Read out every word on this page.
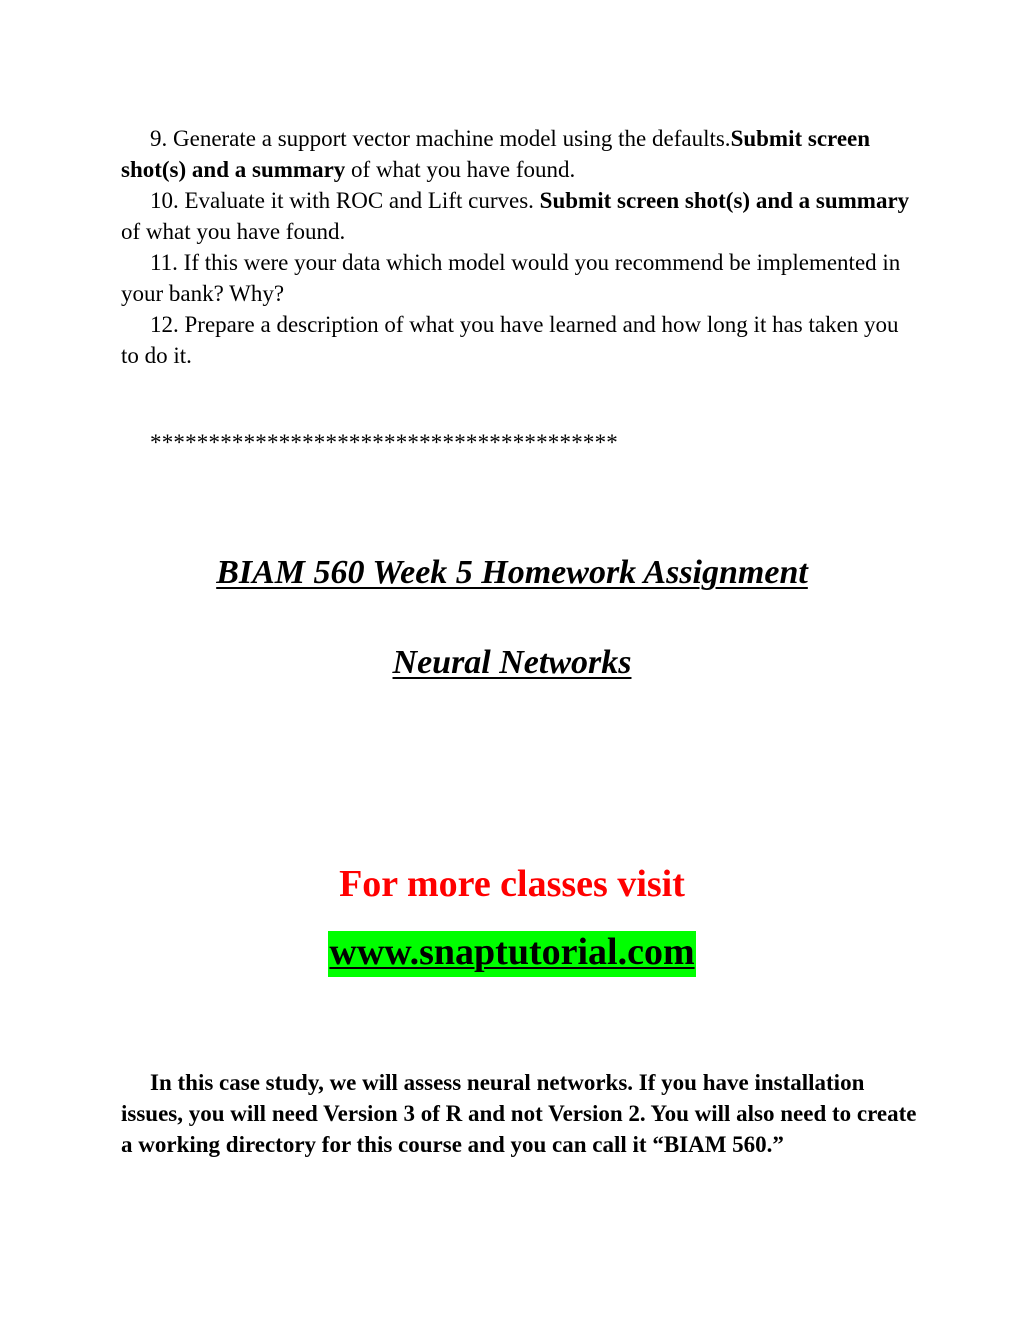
9. Generate a support vector machine model using the defaults.Submit screen shot(s) and a summary of what you have found.
10. Evaluate it with ROC and Lift curves. Submit screen shot(s) and a summary of what you have found.
11. If this were your data which model would you recommend be implemented in your bank? Why?
12. Prepare a description of what you have learned and how long it has taken you to do it.

****************************************

BIAM 560 Week 5 Homework Assignment
Neural Networks

For more classes visit

www.snaptutorial.com

In this case study, we will assess neural networks. If you have installation issues, you will need Version 3 of R and not Version 2. You will also need to create a working directory for this course and you can call it “BIAM 560.”
